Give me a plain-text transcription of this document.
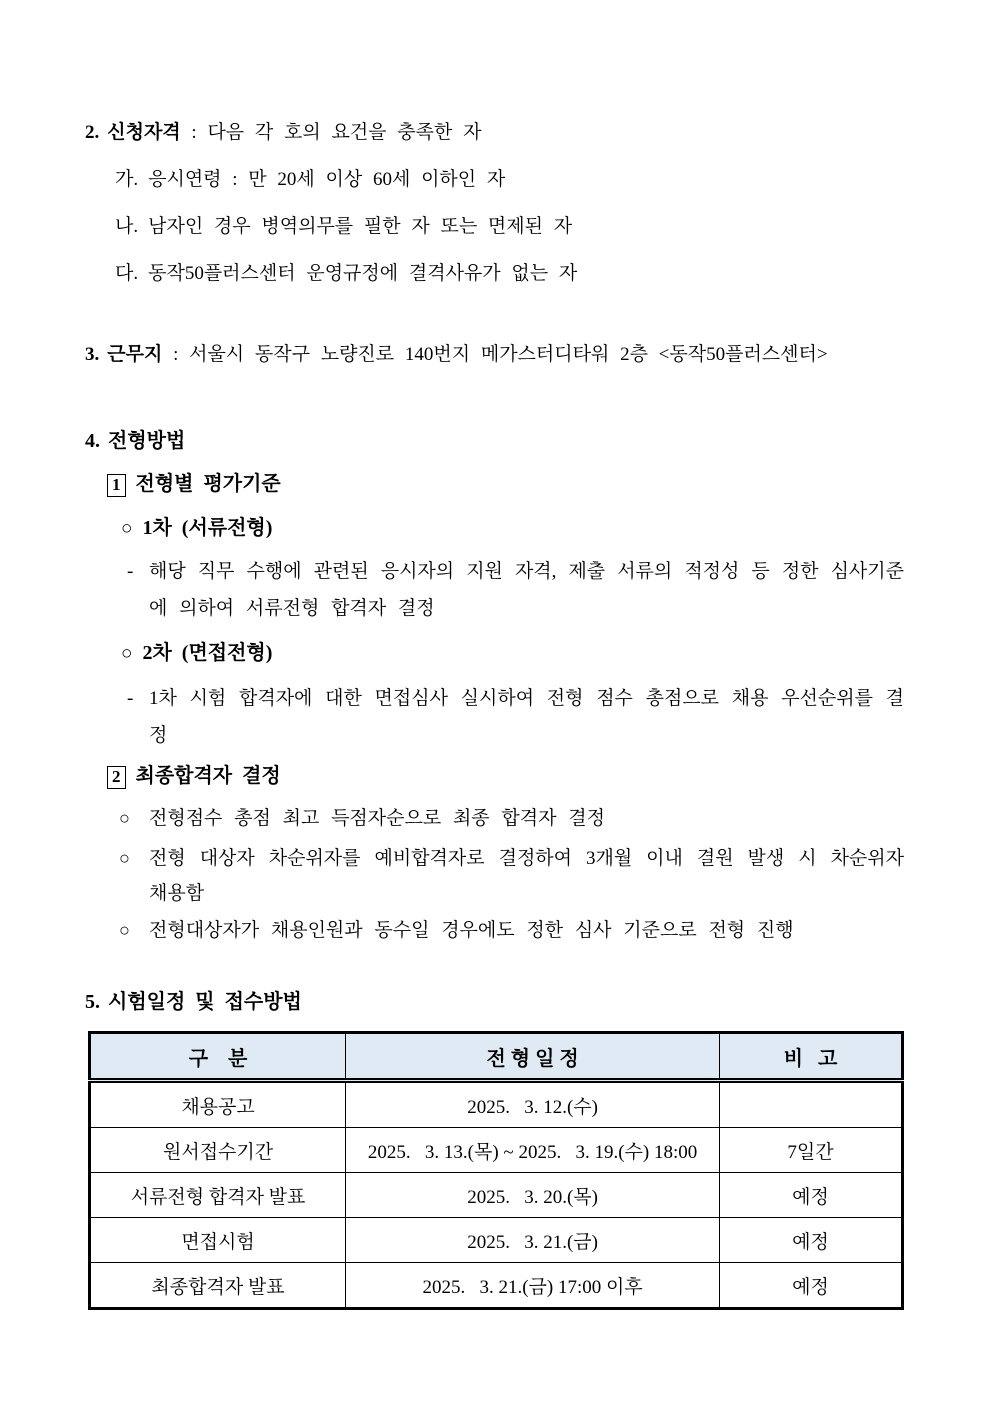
2. 신청자격 : 다음 각 호의 요건을 충족한 자

가. 응시연령 : 만 20세 이상 60세 이하인 자

나. 남자인 경우 병역의무를 필한 자 또는 면제된 자

다. 동작50플러스센터 운영규정에 결격사유가 없는 자

3. 근무지 : 서울시 동작구 노량진로 140번지 메가스터디타워 2층 <동작50플러스센터>

4. 전형방법

1 전형별 평가기준

○ 1차 (서류전형)

- 해당 직무 수행에 관련된 응시자의 지원 자격, 제출 서류의 적정성 등 정한 심사기준에 의하여 서류전형 합격자 결정

○ 2차 (면접전형)

- 1차 시험 합격자에 대한 면접심사 실시하여 전형 점수 총점으로 채용 우선순위를 결정

2 최종합격자 결정

○	전형점수 총점 최고 득점자순으로 최종 합격자 결정
○	전형 대상자 차순위자를 예비합격자로 결정하여 3개월 이내 결원 발생 시 차순위자 채용함
○	전형대상자가 채용인원과 동수일 경우에도 정한 심사 기준으로 전형 진행

5. 시험일정 및 접수방법

구    분	전 형 일 정	비   고
채용공고	2025.   3. 12.(수)	
원서접수기간	2025.   3. 13.(목) ~ 2025.   3. 19.(수) 18:00	7일간
서류전형 합격자 발표	2025.   3. 20.(목)	예정
면접시험	2025.   3. 21.(금)	예정
최종합격자 발표	2025.   3. 21.(금) 17:00 이후	예정
